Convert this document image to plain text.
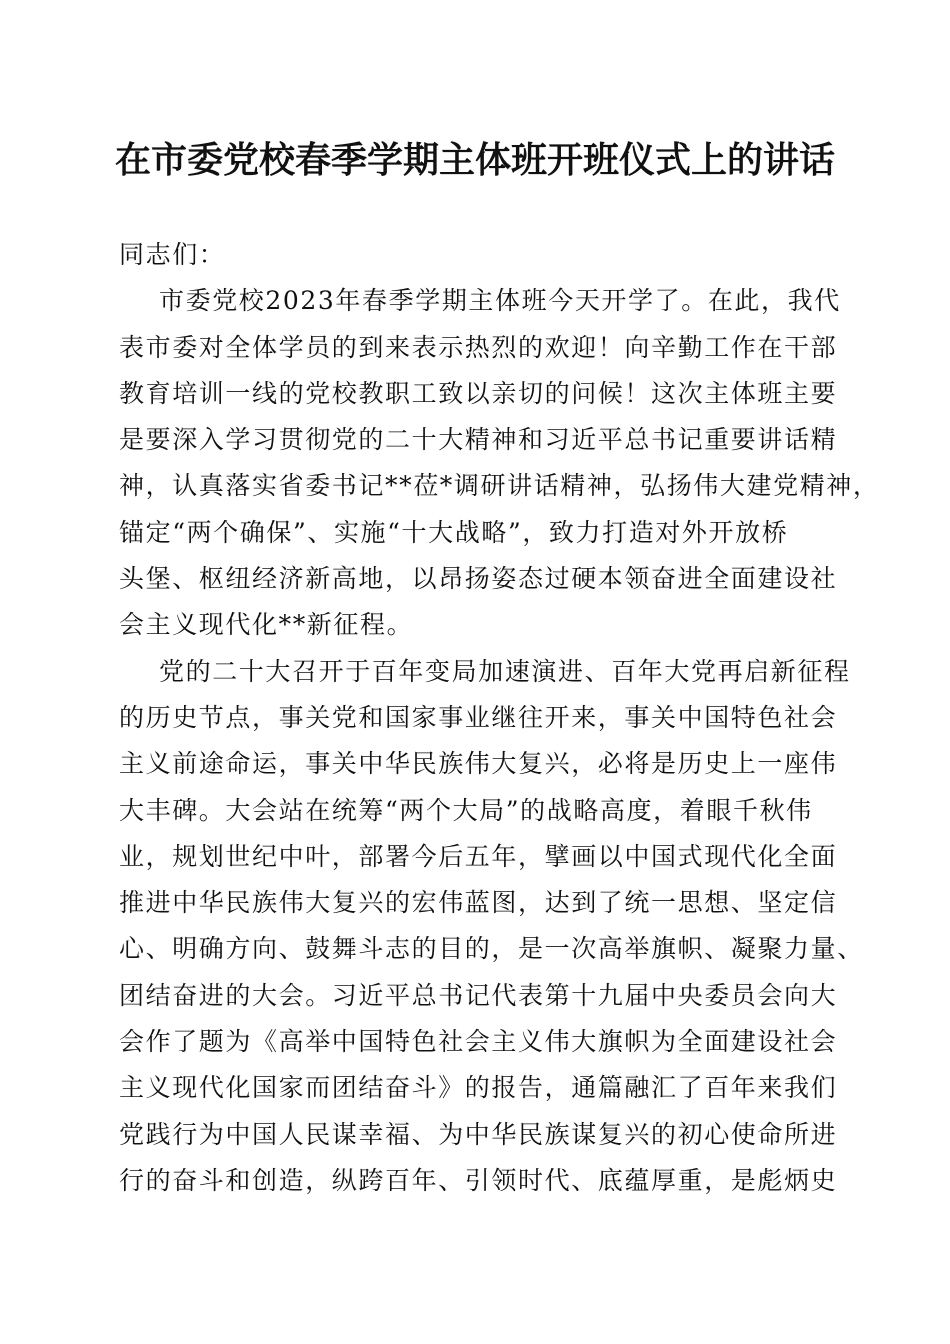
在市委党校春季学期主体班开班仪式上的讲话
同志们：
市委党校2023年春季学期主体班今天开学了。在此，我代
表市委对全体学员的到来表示热烈的欢迎！向辛勤工作在干部
教育培训一线的党校教职工致以亲切的问候！这次主体班主要
是要深入学习贯彻党的二十大精神和习近平总书记重要讲话精
神，认真落实省委书记**莅*调研讲话精神，弘扬伟大建党精神，
锚定“两个确保”、实施“十大战略”，致力打造对外开放桥
头堡、枢纽经济新高地，以昂扬姿态过硬本领奋进全面建设社
会主义现代化**新征程。
党的二十大召开于百年变局加速演进、百年大党再启新征程
的历史节点，事关党和国家事业继往开来，事关中国特色社会
主义前途命运，事关中华民族伟大复兴，必将是历史上一座伟
大丰碑。大会站在统筹“两个大局”的战略高度，着眼千秋伟
业，规划世纪中叶，部署今后五年，擘画以中国式现代化全面
推进中华民族伟大复兴的宏伟蓝图，达到了统一思想、坚定信
心、明确方向、鼓舞斗志的目的，是一次高举旗帜、凝聚力量、
团结奋进的大会。习近平总书记代表第十九届中央委员会向大
会作了题为《高举中国特色社会主义伟大旗帜为全面建设社会
主义现代化国家而团结奋斗》的报告，通篇融汇了百年来我们
党践行为中国人民谋幸福、为中华民族谋复兴的初心使命所进
行的奋斗和创造，纵跨百年、引领时代、底蕴厚重，是彪炳史
